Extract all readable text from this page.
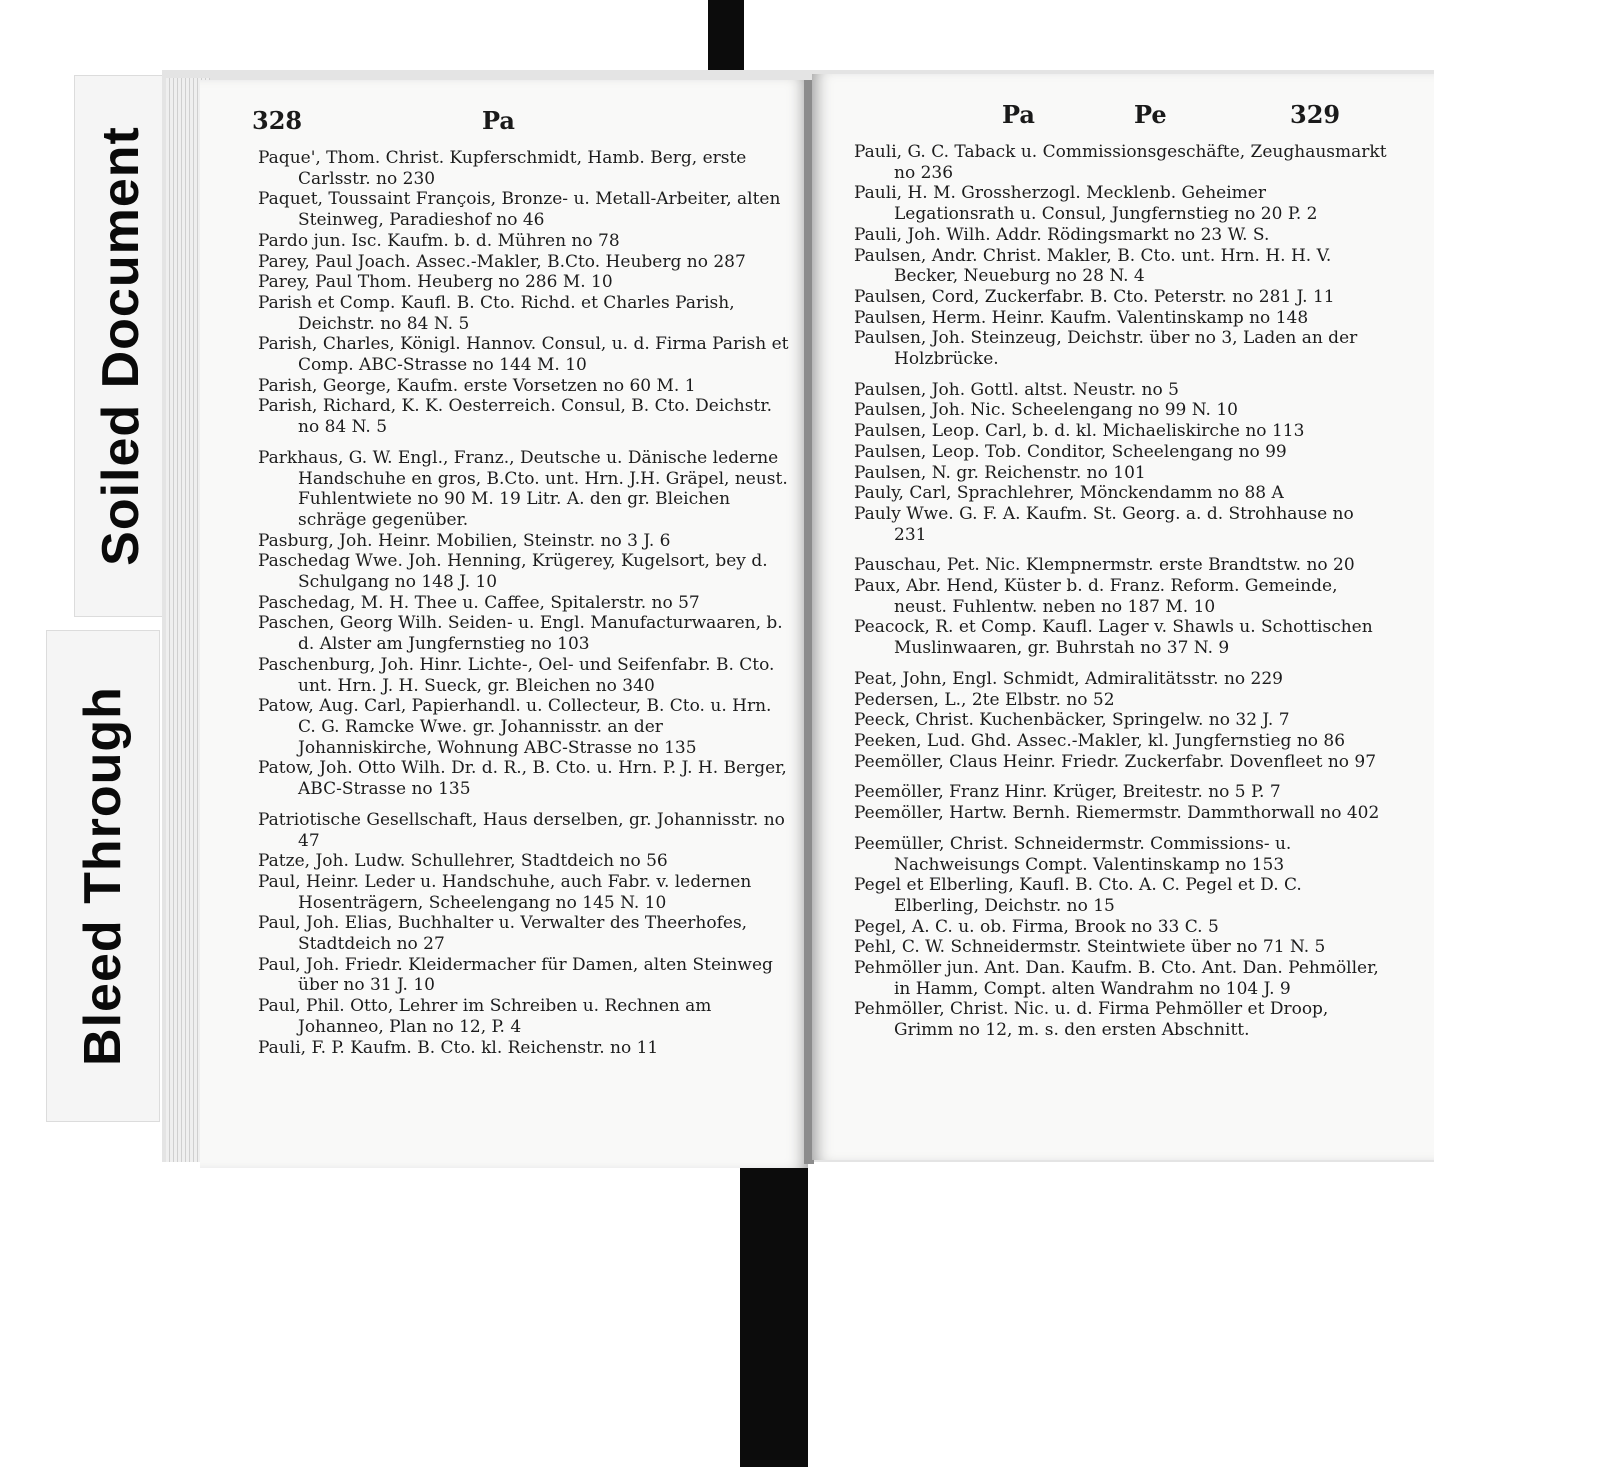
Soiled Document
Bleed Through
328	Pa

Paque', Thom. Christ. Kupferschmidt, Hamb. Berg, erste Carlsstr. no 230

Paquet, Toussaint François, Bronze- u. Metall-Arbeiter, alten Steinweg, Paradieshof no 46

Pardo jun. Isc. Kaufm. b. d. Mühren no 78

Parey, Paul Joach. Assec.-Makler, B.Cto. Heuberg no 287

Parey, Paul Thom. Heuberg no 286 M. 10

Parish et Comp. Kaufl. B. Cto. Richd. et Charles Parish, Deichstr. no 84 N. 5

Parish, Charles, Königl. Hannov. Consul, u. d. Firma Parish et Comp. ABC-Strasse no 144 M. 10

Parish, George, Kaufm. erste Vorsetzen no 60 M. 1

Parish, Richard, K. K. Oesterreich. Consul, B. Cto. Deichstr. no 84 N. 5

Parkhaus, G. W. Engl., Franz., Deutsche u. Dänische lederne Handschuhe en gros, B.Cto. unt. Hrn. J.H. Gräpel, neust. Fuhlentwiete no 90 M. 19 Litr. A. den gr. Bleichen schräge gegenüber.

Pasburg, Joh. Heinr. Mobilien, Steinstr. no 3 J. 6

Paschedag Wwe. Joh. Henning, Krügerey, Kugelsort, bey d. Schulgang no 148 J. 10

Paschedag, M. H. Thee u. Caffee, Spitalerstr. no 57

Paschen, Georg Wilh. Seiden- u. Engl. Manufacturwaaren, b. d. Alster am Jungfernstieg no 103

Paschenburg, Joh. Hinr. Lichte-, Oel- und Seifenfabr. B. Cto. unt. Hrn. J. H. Sueck, gr. Bleichen no 340

Patow, Aug. Carl, Papierhandl. u. Collecteur, B. Cto. u. Hrn. C. G. Ramcke Wwe. gr. Johannisstr. an der Johanniskirche, Wohnung ABC-Strasse no 135

Patow, Joh. Otto Wilh. Dr. d. R., B. Cto. u. Hrn. P. J. H. Berger, ABC-Strasse no 135

Patriotische Gesellschaft, Haus derselben, gr. Johannisstr. no 47

Patze, Joh. Ludw. Schullehrer, Stadtdeich no 56

Paul, Heinr. Leder u. Handschuhe, auch Fabr. v. ledernen Hosenträgern, Scheelengang no 145 N. 10

Paul, Joh. Elias, Buchhalter u. Verwalter des Theerhofes, Stadtdeich no 27

Paul, Joh. Friedr. Kleidermacher für Damen, alten Steinweg über no 31 J. 10

Paul, Phil. Otto, Lehrer im Schreiben u. Rechnen am Johanneo, Plan no 12, P. 4

Pauli, F. P. Kaufm. B. Cto. kl. Reichenstr. no 11

Pa	Pe	329

Pauli, G. C. Taback u. Commissionsgeschäfte, Zeughausmarkt no 236

Pauli, H. M. Grossherzogl. Mecklenb. Geheimer Legationsrath u. Consul, Jungfernstieg no 20 P. 2

Pauli, Joh. Wilh. Addr. Rödingsmarkt no 23 W. S.

Paulsen, Andr. Christ. Makler, B. Cto. unt. Hrn. H. H. V. Becker, Neueburg no 28 N. 4

Paulsen, Cord, Zuckerfabr. B. Cto. Peterstr. no 281 J. 11

Paulsen, Herm. Heinr. Kaufm. Valentinskamp no 148

Paulsen, Joh. Steinzeug, Deichstr. über no 3, Laden an der Holzbrücke.

Paulsen, Joh. Gottl. altst. Neustr. no 5

Paulsen, Joh. Nic. Scheelengang no 99 N. 10

Paulsen, Leop. Carl, b. d. kl. Michaeliskirche no 113

Paulsen, Leop. Tob. Conditor, Scheelengang no 99

Paulsen, N. gr. Reichenstr. no 101

Pauly, Carl, Sprachlehrer, Mönckendamm no 88 A

Pauly Wwe. G. F. A. Kaufm. St. Georg. a. d. Strohhause no 231

Pauschau, Pet. Nic. Klempnermstr. erste Brandtstw. no 20

Paux, Abr. Hend, Küster b. d. Franz. Reform. Gemeinde, neust. Fuhlentw. neben no 187 M. 10

Peacock, R. et Comp. Kaufl. Lager v. Shawls u. Schottischen Muslinwaaren, gr. Buhrstah no 37 N. 9

Peat, John, Engl. Schmidt, Admiralitätsstr. no 229

Pedersen, L., 2te Elbstr. no 52

Peeck, Christ. Kuchenbäcker, Springelw. no 32 J. 7

Peeken, Lud. Ghd. Assec.-Makler, kl. Jungfernstieg no 86

Peemöller, Claus Heinr. Friedr. Zuckerfabr. Dovenfleet no 97

Peemöller, Franz Hinr. Krüger, Breitestr. no 5 P. 7

Peemöller, Hartw. Bernh. Riemermstr. Dammthorwall no 402

Peemüller, Christ. Schneidermstr. Commissions- u. Nachweisungs Compt. Valentinskamp no 153

Pegel et Elberling, Kaufl. B. Cto. A. C. Pegel et D. C. Elberling, Deichstr. no 15

Pegel, A. C. u. ob. Firma, Brook no 33 C. 5

Pehl, C. W. Schneidermstr. Steintwiete über no 71 N. 5

Pehmöller jun. Ant. Dan. Kaufm. B. Cto. Ant. Dan. Pehmöller, in Hamm, Compt. alten Wandrahm no 104 J. 9

Pehmöller, Christ. Nic. u. d. Firma Pehmöller et Droop, Grimm no 12, m. s. den ersten Abschnitt.
